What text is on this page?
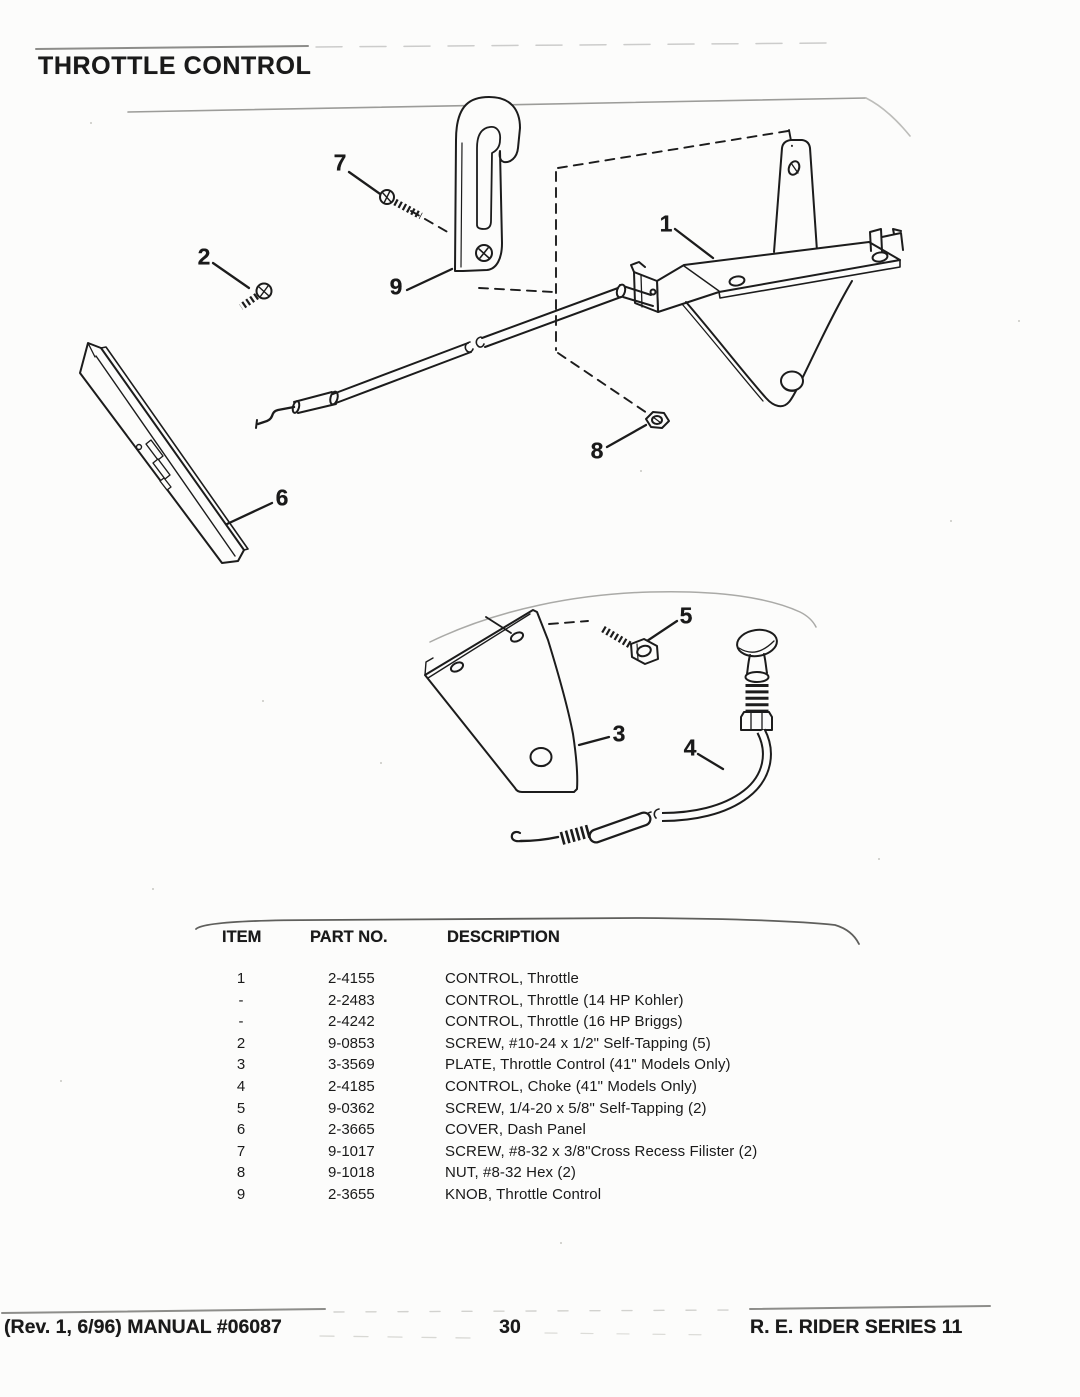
THROTTLE CONTROL
1
2
3
4
5
6
7
8
9
ITEM	PART NO.	DESCRIPTION
1	2-4155	CONTROL, Throttle
-	2-2483	CONTROL, Throttle (14 HP Kohler)
-	2-4242	CONTROL, Throttle (16 HP Briggs)
2	9-0853	SCREW, #10-24 x 1/2" Self-Tapping (5)
3	3-3569	PLATE, Throttle Control (41" Models Only)
4	2-4185	CONTROL, Choke (41" Models Only)
5	9-0362	SCREW, 1/4-20 x 5/8" Self-Tapping (2)
6	2-3665	COVER, Dash Panel
7	9-1017	SCREW, #8-32 x 3/8"Cross Recess Filister (2)
8	9-1018	NUT, #8-32 Hex (2)
9	2-3655	KNOB, Throttle Control
(Rev. 1, 6/96) MANUAL #06087	30	R. E. RIDER SERIES 11
